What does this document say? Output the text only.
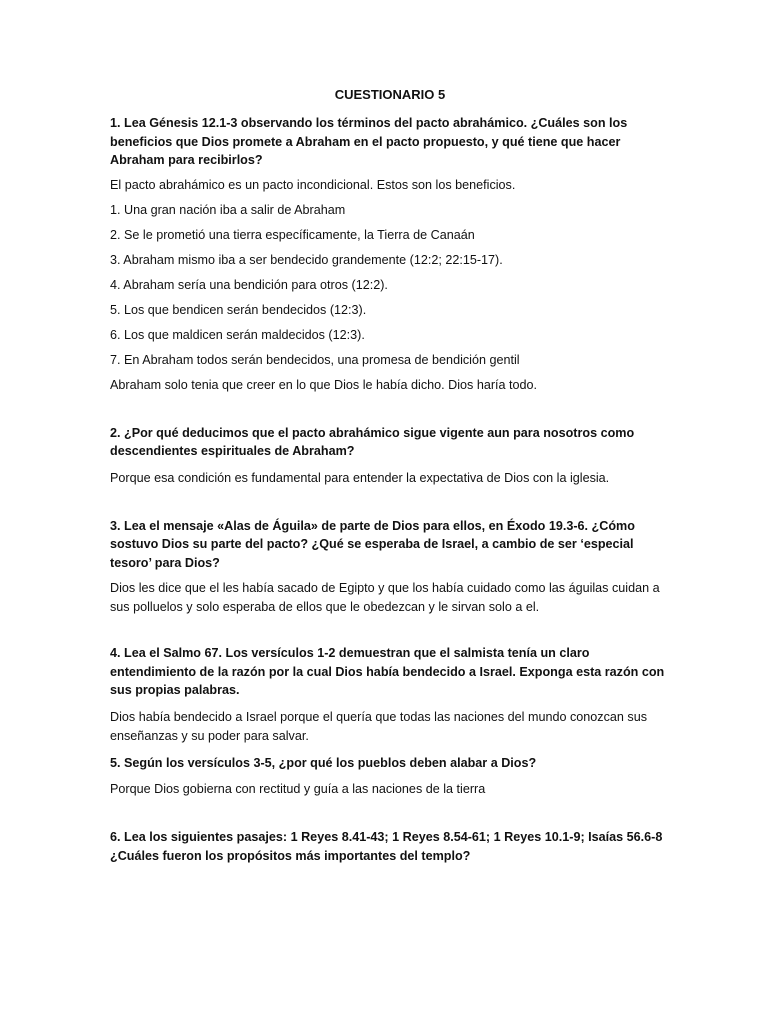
CUESTIONARIO 5

1. Lea Génesis 12.1-3 observando los términos del pacto abrahámico. ¿Cuáles son los beneficios que Dios promete a Abraham en el pacto propuesto, y qué tiene que hacer Abraham para recibirlos?

El pacto abrahámico es un pacto incondicional. Estos son los beneficios.

1. Una gran nación iba a salir de Abraham

2. Se le prometió una tierra específicamente, la Tierra de Canaán

3. Abraham mismo iba a ser bendecido grandemente (12:2; 22:15-17).

4. Abraham sería una bendición para otros (12:2).

5. Los que bendicen serán bendecidos (12:3).

6. Los que maldicen serán maldecidos (12:3).

7. En Abraham todos serán bendecidos, una promesa de bendición gentil

Abraham solo tenia que creer en lo que Dios le había dicho. Dios haría todo.

2. ¿Por qué deducimos que el pacto abrahámico sigue vigente aun para nosotros como descendientes espirituales de Abraham?

Porque esa condición es fundamental para entender la expectativa de Dios con la iglesia.

3. Lea el mensaje «Alas de Águila» de parte de Dios para ellos, en Éxodo 19.3-6. ¿Cómo sostuvo Dios su parte del pacto? ¿Qué se esperaba de Israel, a cambio de ser ‘especial tesoro’ para Dios?

Dios les dice que el les había sacado de Egipto y que los había cuidado como las águilas cuidan a sus polluelos y solo esperaba de ellos que le obedezcan y le sirvan solo a el.

4. Lea el Salmo 67. Los versículos 1-2 demuestran que el salmista tenía un claro entendimiento de la razón por la cual Dios había bendecido a Israel. Exponga esta razón con sus propias palabras.

Dios había bendecido a Israel porque el quería que todas las naciones del mundo conozcan sus enseñanzas y su poder para salvar.

5. Según los versículos 3-5, ¿por qué los pueblos deben alabar a Dios?

Porque Dios gobierna con rectitud y guía a las naciones de la tierra

6. Lea los siguientes pasajes: 1 Reyes 8.41-43; 1 Reyes 8.54-61; 1 Reyes 10.1-9; Isaías 56.6-8 ¿Cuáles fueron los propósitos más importantes del templo?
